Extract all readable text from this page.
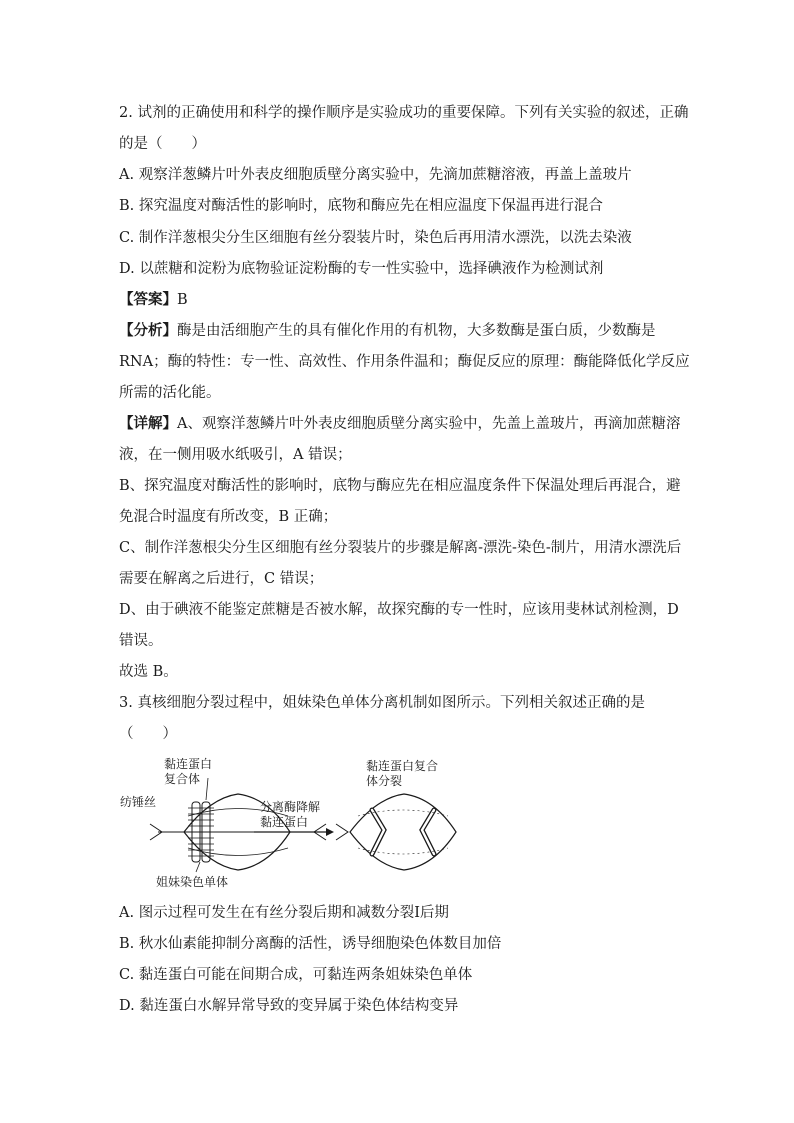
2. 试剂的正确使用和科学的操作顺序是实验成功的重要保障。下列有关实验的叙述，正确
的是（　　）
A. 观察洋葱鳞片叶外表皮细胞质壁分离实验中，先滴加蔗糖溶液，再盖上盖玻片
B. 探究温度对酶活性的影响时，底物和酶应先在相应温度下保温再进行混合
C. 制作洋葱根尖分生区细胞有丝分裂装片时，染色后再用清水漂洗，以洗去染液
D. 以蔗糖和淀粉为底物验证淀粉酶的专一性实验中，选择碘液作为检测试剂
【答案】B
【分析】酶是由活细胞产生的具有催化作用的有机物，大多数酶是蛋白质，少数酶是
RNA；酶的特性：专一性、高效性、作用条件温和；酶促反应的原理：酶能降低化学反应
所需的活化能。
【详解】A、观察洋葱鳞片叶外表皮细胞质壁分离实验中，先盖上盖玻片，再滴加蔗糖溶
液，在一侧用吸水纸吸引，A 错误；
B、探究温度对酶活性的影响时，底物与酶应先在相应温度条件下保温处理后再混合，避
免混合时温度有所改变，B 正确；
C、制作洋葱根尖分生区细胞有丝分裂装片的步骤是解离-漂洗-染色-制片，用清水漂洗后
需要在解离之后进行，C 错误；
D、由于碘液不能鉴定蔗糖是否被水解，故探究酶的专一性时，应该用斐林试剂检测，D
错误。
故选 B。
3. 真核细胞分裂过程中，姐妹染色单体分离机制如图所示。下列相关叙述正确的是
（　　）
黏连蛋白
复合体
纺锤丝
姐妹染色单体
分离酶降解
黏连蛋白
黏连蛋白复合
体分裂
A. 图示过程可发生在有丝分裂后期和减数分裂Ⅰ后期
B. 秋水仙素能抑制分离酶的活性，诱导细胞染色体数目加倍
C. 黏连蛋白可能在间期合成，可黏连两条姐妹染色单体
D. 黏连蛋白水解异常导致的变异属于染色体结构变异
